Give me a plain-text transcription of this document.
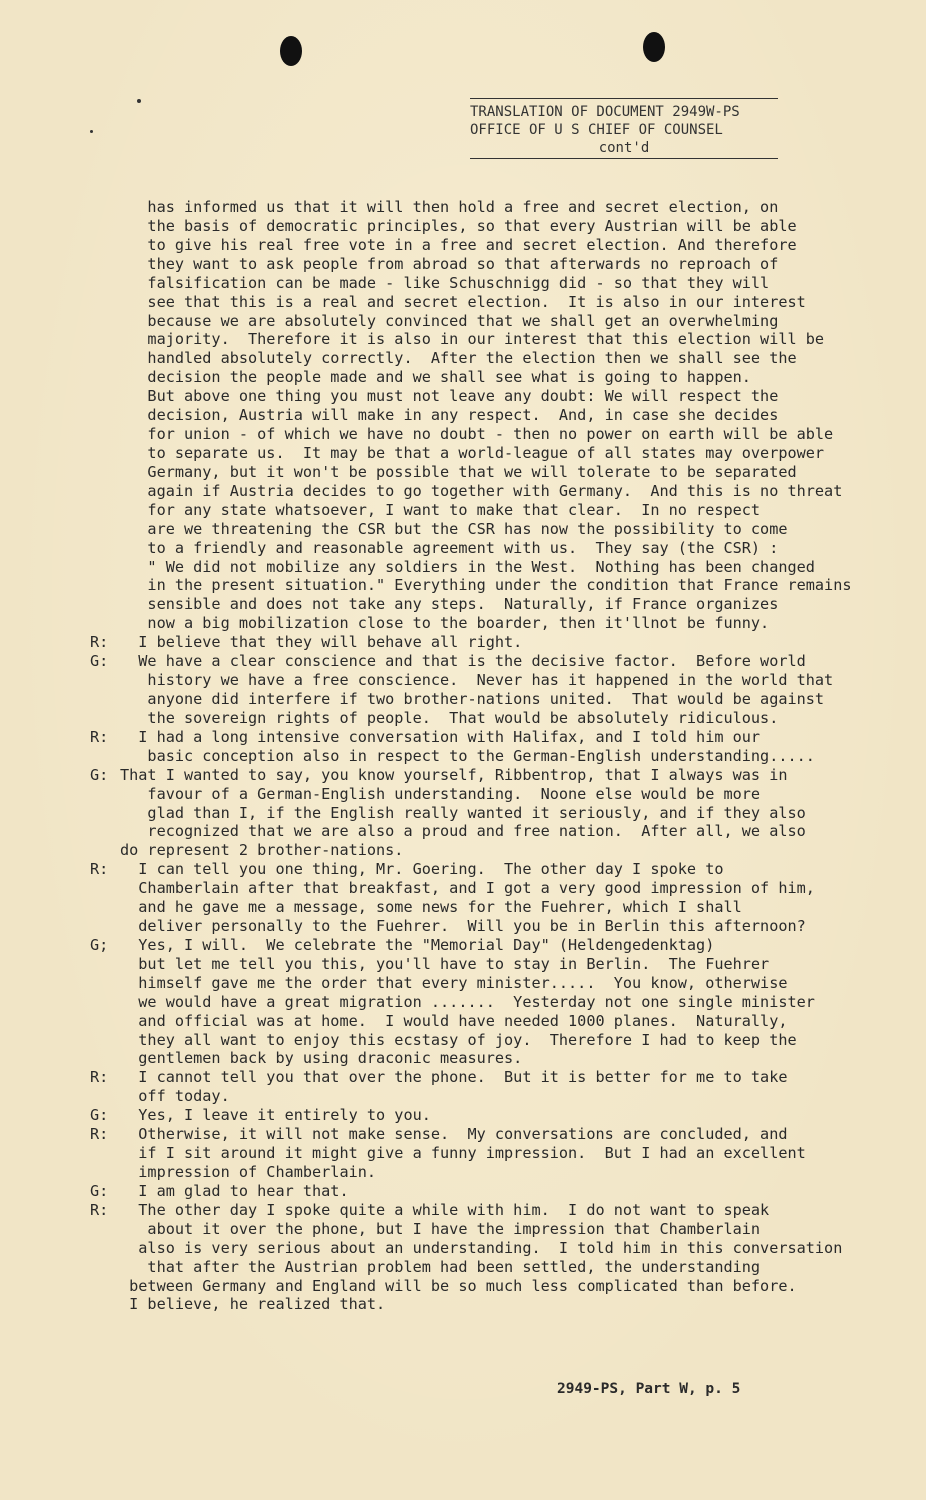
TRANSLATION OF DOCUMENT 2949W-PS
OFFICE OF U S CHIEF OF COUNSEL
cont'd

has informed us that it will then hold a free and secret election, on

the basis of democratic principles, so that every Austrian will be able

to give his real free vote in a free and secret election. And therefore

they want to ask people from abroad so that afterwards no reproach of

falsification can be made - like Schuschnigg did - so that they will

see that this is a real and secret election.  It is also in our interest

because we are absolutely convinced that we shall get an overwhelming

majority.  Therefore it is also in our interest that this election will be

handled absolutely correctly.  After the election then we shall see the

decision the people made and we shall see what is going to happen.

But above one thing you must not leave any doubt: We will respect the

decision, Austria will make in any respect.  And, in case she decides

for union - of which we have no doubt - then no power on earth will be able

to separate us.  It may be that a world-league of all states may overpower

Germany, but it won't be possible that we will tolerate to be separated

again if Austria decides to go together with Germany.  And this is no threat

for any state whatsoever, I want to make that clear.  In no respect

are we threatening the CSR but the CSR has now the possibility to come

to a friendly and reasonable agreement with us.  They say (the CSR) :

" We did not mobilize any soldiers in the West.  Nothing has been changed

in the present situation." Everything under the condition that France remains

sensible and does not take any steps.  Naturally, if France organizes

now a big mobilization close to the boarder, then it'llnot be funny.

R:  I believe that they will behave all right.

G:  We have a clear conscience and that is the decisive factor.  Before world

history we have a free conscience.  Never has it happened in the world that

anyone did interfere if two brother-nations united.  That would be against

the sovereign rights of people.  That would be absolutely ridiculous.

R:  I had a long intensive conversation with Halifax, and I told him our

basic conception also in respect to the German-English understanding.....

G: That I wanted to say, you know yourself, Ribbentrop, that I always was in

favour of a German-English understanding.  Noone else would be more

glad than I, if the English really wanted it seriously, and if they also

recognized that we are also a proud and free nation.  After all, we also

do represent 2 brother-nations.

R:  I can tell you one thing, Mr. Goering.  The other day I spoke to

Chamberlain after that breakfast, and I got a very good impression of him,

and he gave me a message, some news for the Fuehrer, which I shall

deliver personally to the Fuehrer.  Will you be in Berlin this afternoon?

G;  Yes, I will.  We celebrate the "Memorial Day" (Heldengedenktag)

but let me tell you this, you'll have to stay in Berlin.  The Fuehrer

himself gave me the order that every minister.....  You know, otherwise

we would have a great migration .......  Yesterday not one single minister

and official was at home.  I would have needed 1000 planes.  Naturally,

they all want to enjoy this ecstasy of joy.  Therefore I had to keep the

gentlemen back by using draconic measures.

R:  I cannot tell you that over the phone.  But it is better for me to take

off today.

G:  Yes, I leave it entirely to you.

R:  Otherwise, it will not make sense.  My conversations are concluded, and

if I sit around it might give a funny impression.  But I had an excellent

impression of Chamberlain.

G:  I am glad to hear that.

R:  The other day I spoke quite a while with him.  I do not want to speak

about it over the phone, but I have the impression that Chamberlain

also is very serious about an understanding.  I told him in this conversation

that after the Austrian problem had been settled, the understanding

between Germany and England will be so much less complicated than before.

I believe, he realized that.

2949-PS, Part W, p. 5
